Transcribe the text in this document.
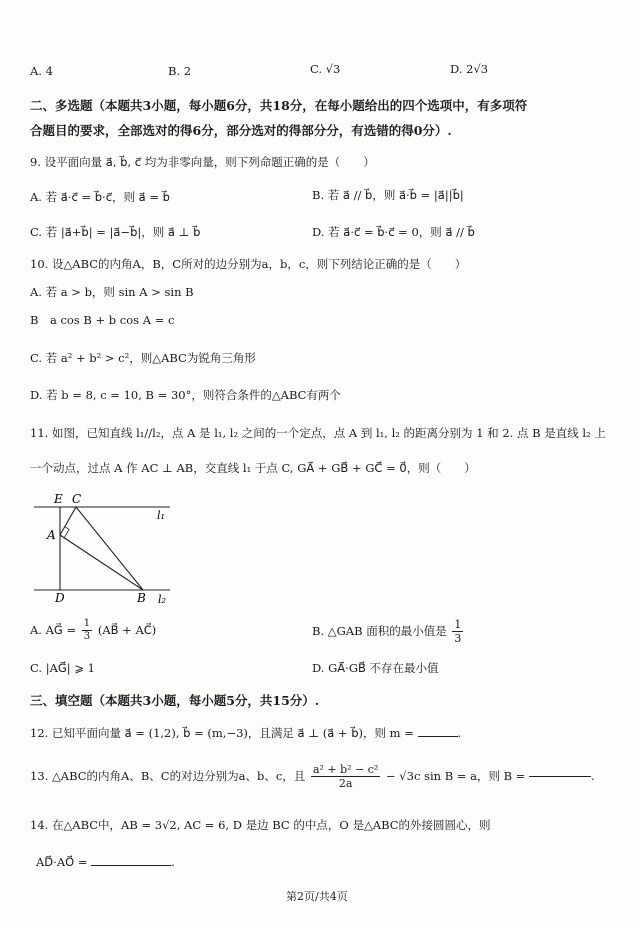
A. 4	B. 2	C. √3	D. 2√3
二、多选题（本题共3小题，每小题6分，共18分，在每小题给出的四个选项中，有多项符
合题目的要求，全部选对的得6分，部分选对的得部分分，有选错的得0分）.
9. 设平面向量 a⃗, b⃗, c⃗ 均为非零向量，则下列命题正确的是（　　）
A. 若 a⃗·c⃗ = b⃗·c⃗，则 a⃗ = b⃗	B. 若 a⃗ // b⃗，则 a⃗·b⃗ = |a⃗||b⃗|
C. 若 |a⃗+b⃗| = |a⃗−b⃗|，则 a⃗ ⊥ b⃗	D. 若 a⃗·c⃗ = b⃗·c⃗ = 0，则 a⃗ // b⃗
10. 设△ABC的内角A，B，C所对的边分别为a，b，c，则下列结论正确的是（　　）
A. 若 a > b，则 sin A > sin B
B　a cos B + b cos A = c
C. 若 a² + b² > c²，则△ABC为锐角三角形
D. 若 b = 8, c = 10, B = 30°，则符合条件的△ABC有两个
11. 如图，已知直线 l₁//l₂，点 A 是 l₁, l₂ 之间的一个定点，点 A 到 l₁, l₂ 的距离分别为 1 和 2. 点 B 是直线 l₂ 上
一个动点，过点 A 作 AC ⊥ AB，交直线 l₁ 于点 C, GA⃗ + GB⃗ + GC⃗ = 0⃗，则（　　）
E C
l₁
A
D	B l₂
A. AG⃗ = $\frac{1}{3}$ (AB⃗ + AC⃗)	B. △GAB 面积的最小值是 $\frac{1}{3}$
C. |AG⃗| ⩾ 1	D. GA⃗·GB⃗ 不存在最小值
三、填空题（本题共3小题，每小题5分，共15分）.
12. 已知平面向量 a⃗ = (1,2), b⃗ = (m,−3)，且满足 a⃗ ⊥ (a⃗ + b⃗)，则 m =	.
13. △ABC的内角A、B、C的对边分别为a、b、c，且 $\frac{\text{a² + b² − c²}}{2a} - √3c$ sin B = a，则 B =	.
14. 在△ABC中，AB = 3√2, AC = 6, D 是边 BC 的中点，O 是△ABC的外接圆圆心，则
AD⃗·AO⃗ =	.
第2页/共4页
